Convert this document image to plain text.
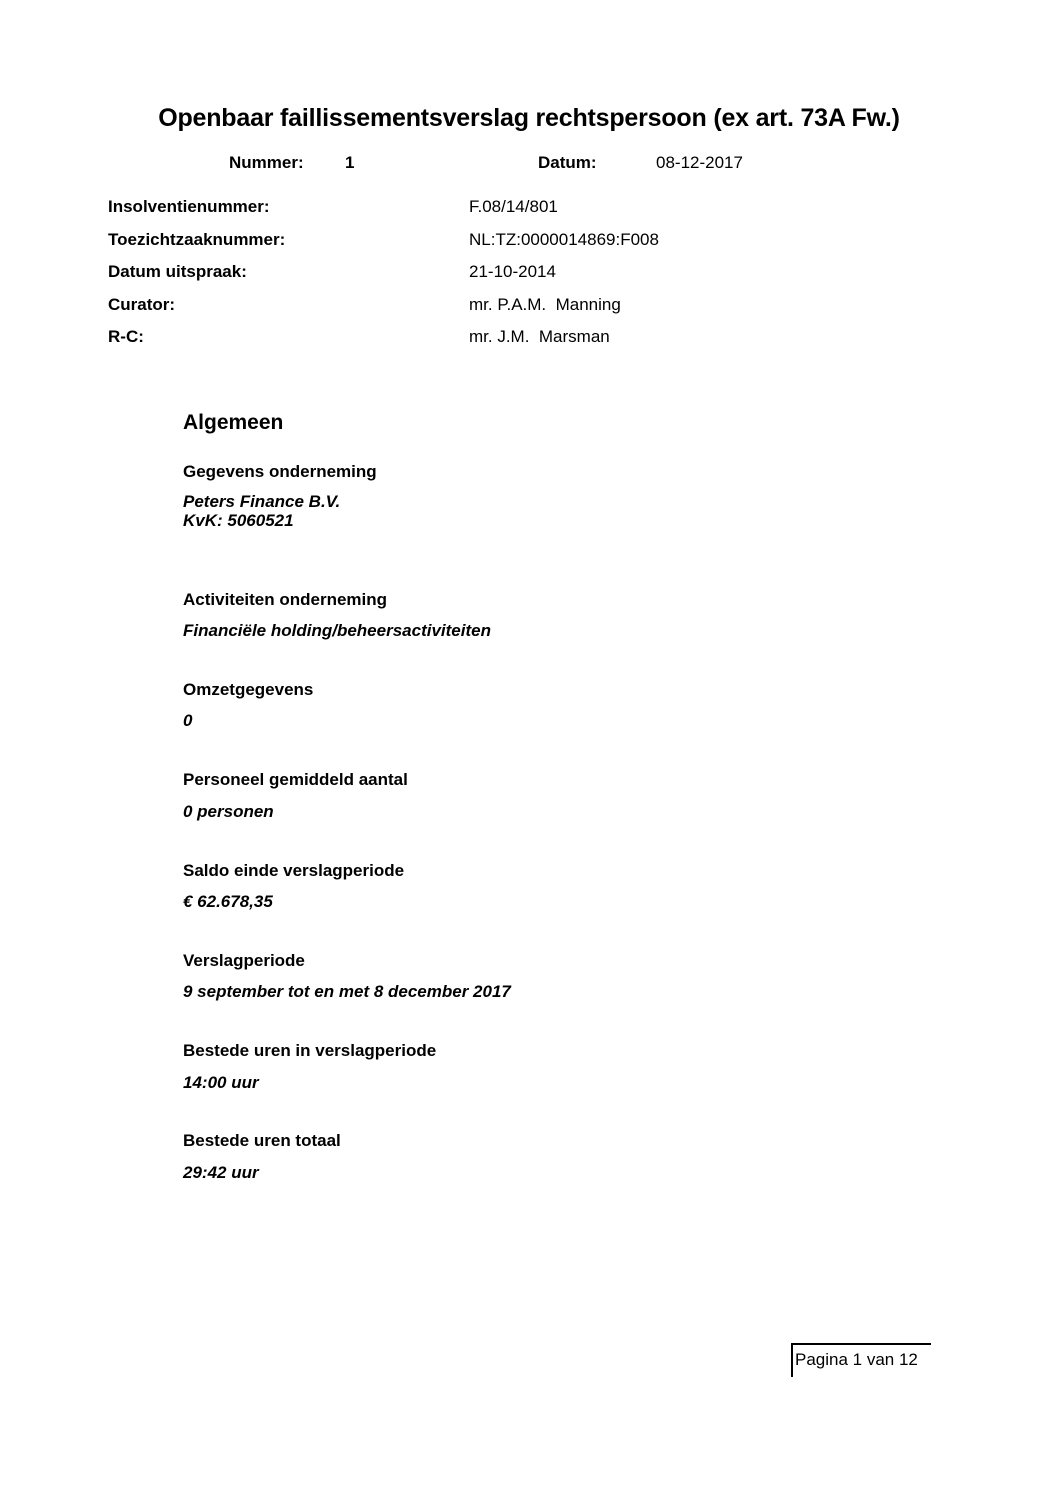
Openbaar faillissementsverslag rechtspersoon (ex art. 73A Fw.)
Nummer: 1	Datum:	08-12-2017
Insolventienummer:	F.08/14/801
Toezichtzaaknummer:	NL:TZ:0000014869:F008
Datum uitspraak:	21-10-2014
Curator:	mr. P.A.M.  Manning
R-C:	mr. J.M.  Marsman
Algemeen
Gegevens onderneming
Peters Finance B.V.
KvK: 5060521
Activiteiten onderneming
Financiële holding/beheersactiviteiten
Omzetgegevens
0
Personeel gemiddeld aantal
0 personen
Saldo einde verslagperiode
€ 62.678,35
Verslagperiode
9 september tot en met 8 december 2017
Bestede uren in verslagperiode
14:00 uur
Bestede uren totaal
29:42 uur
Pagina 1 van 12
